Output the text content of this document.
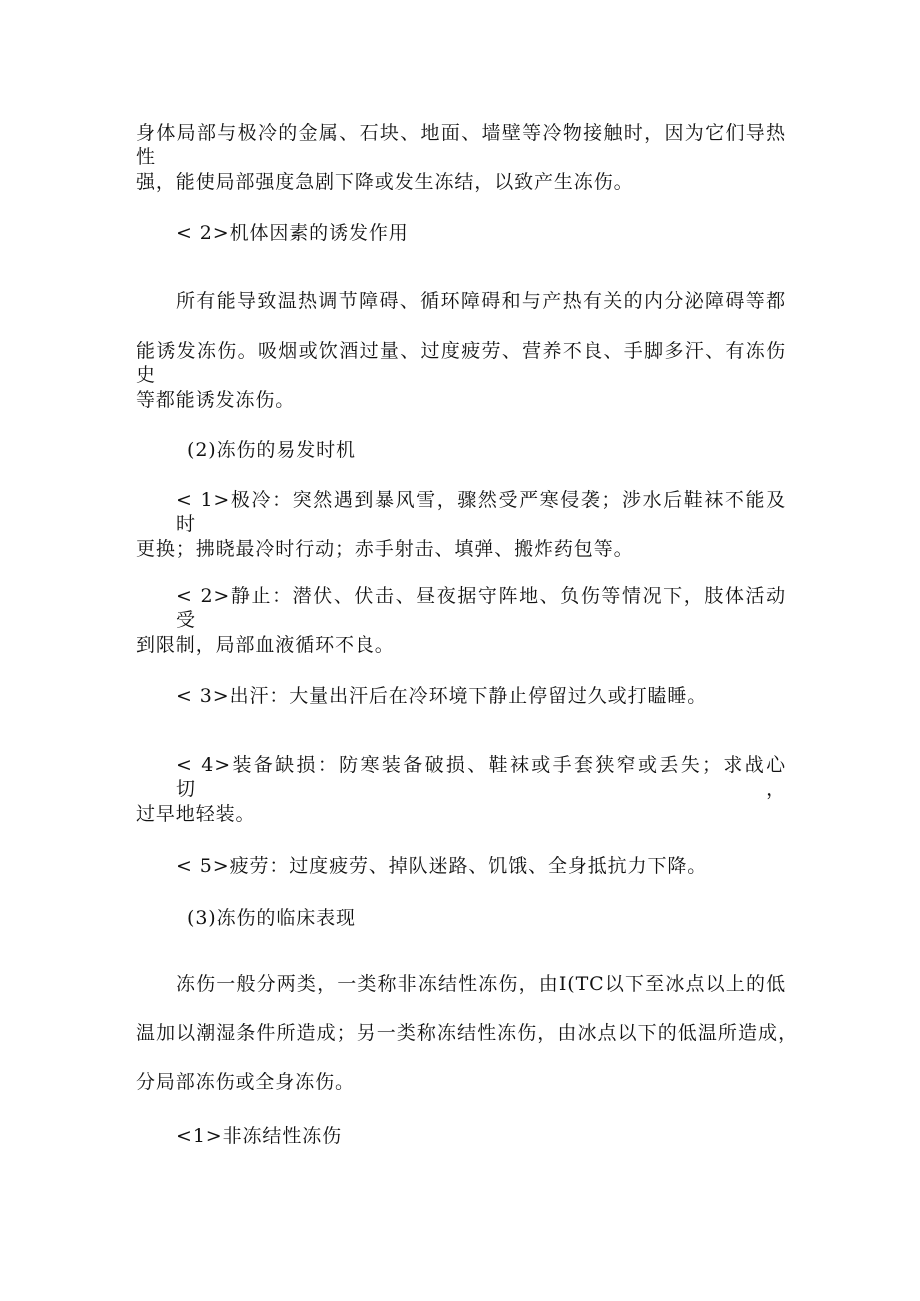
身体局部与极冷的金属、石块、地面、墙壁等冷物接触时，因为它们导热性

强，能使局部强度急剧下降或发生冻结，以致产生冻伤。

< 2>机体因素的诱发作用

所有能导致温热调节障碍、循环障碍和与产热有关的内分泌障碍等都

能诱发冻伤。吸烟或饮酒过量、过度疲劳、营养不良、手脚多汗、有冻伤史

等都能诱发冻伤。

(2)冻伤的易发时机

< 1>极冷：突然遇到暴风雪，骤然受严寒侵袭；涉水后鞋袜不能及时

更换；拂晓最冷时行动；赤手射击、填弹、搬炸药包等。

< 2>静止：潜伏、伏击、昼夜据守阵地、负伤等情况下，肢体活动受

到限制，局部血液循环不良。

< 3>出汗：大量出汗后在冷环境下静止停留过久或打瞌睡。

< 4>装备缺损：防寒装备破损、鞋袜或手套狭窄或丢失；求战心切，

过早地轻装。

< 5>疲劳：过度疲劳、掉队迷路、饥饿、全身抵抗力下降。

(3)冻伤的临床表现

冻伤一般分两类，一类称非冻结性冻伤，由I(TC以下至冰点以上的低

温加以潮湿条件所造成；另一类称冻结性冻伤，由冰点以下的低温所造成，

分局部冻伤或全身冻伤。

<1>非冻结性冻伤
